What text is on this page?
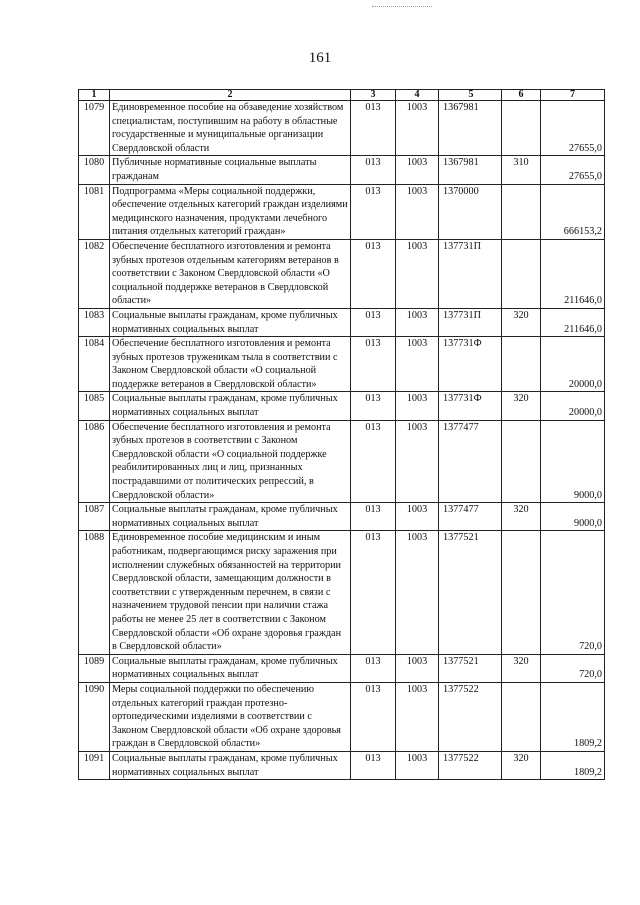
161
1	2	3	4	5	6	7
1079	Единовременное пособие на обзаведение хозяйством специалистам, поступившим на работу в областные государственные и муниципальные организации Свердловской области	013	1003	1367981		27655,0

1080	Публичные нормативные социальные выплаты гражданам	013	1003	1367981	310	27655,0

1081	Подпрограмма «Меры социальной поддержки, обеспечение отдельных категорий граждан изделиями медицинского назначения, продуктами лечебного питания отдельных категорий граждан»	013	1003	1370000		666153,2

1082	Обеспечение бесплатного изготовления и ремонта зубных протезов отдельным категориям ветеранов в соответствии с Законом Свердловской области «О социальной поддержке ветеранов в Свердловской области»	013	1003	137731П		211646,0

1083	Социальные выплаты гражданам, кроме публичных нормативных социальных выплат	013	1003	137731П	320	211646,0

1084	Обеспечение бесплатного изготовления и ремонта зубных протезов труженикам тыла в соответствии с Законом Свердловской области «О социальной поддержке ветеранов в Свердловской области»	013	1003	137731Ф		20000,0

1085	Социальные выплаты гражданам, кроме публичных нормативных социальных выплат	013	1003	137731Ф	320	20000,0

1086	Обеспечение бесплатного изготовления и ремонта зубных протезов в соответствии с Законом Свердловской области «О социальной поддержке реабилитированных лиц и лиц, признанных пострадавшими от политических репрессий, в Свердловской области»	013	1003	1377477		9000,0

1087	Социальные выплаты гражданам, кроме публичных нормативных социальных выплат	013	1003	1377477	320	9000,0

1088	Единовременное пособие медицинским и иным работникам, подвергающимся риску заражения при исполнении служебных обязанностей на территории Свердловской области, замещающим должности в соответствии с утвержденным перечнем, в связи с назначением трудовой пенсии при наличии стажа работы не менее 25 лет в соответствии с Законом Свердловской области «Об охране здоровья граждан в Свердловской области»	013	1003	1377521		720,0

1089	Социальные выплаты гражданам, кроме публичных нормативных социальных выплат	013	1003	1377521	320	720,0

1090	Меры социальной поддержки по обеспечению отдельных категорий граждан протезно-ортопедическими изделиями в соответствии с Законом Свердловской области «Об охране здоровья граждан в Свердловской области»	013	1003	1377522		1809,2

1091	Социальные выплаты гражданам, кроме публичных нормативных социальных выплат	013	1003	1377522	320	1809,2
